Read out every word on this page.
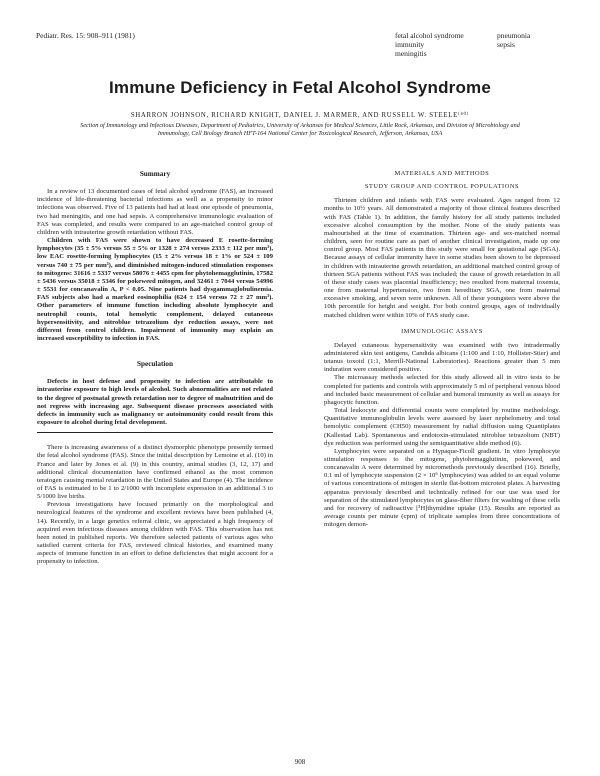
Pediatr. Res. 15: 908–911 (1981)	fetal alcohol syndrome
immunity
meningitis
pneumonia
sepsis
Immune Deficiency in Fetal Alcohol Syndrome
SHARRON JOHNSON, RICHARD KNIGHT, DANIEL J. MARMER, AND RUSSELL W. STEELE⁽⁴⁰⁾
Section of Immunology and Infectious Diseases, Department of Pediatrics, University of Arkansas for Medical Sciences, Little Rock, Arkansas, and Division of Microbiology and Immunology, Cell Biology Branch HFT-164 National Center for Toxicological Research, Jefferson, Arkansas, USA
Summary

In a review of 13 documented cases of fetal alcohol syndrome (FAS), an increased incidence of life-threatening bacterial infections as well as a propensity to minor infections was observed. Five of 13 patients had had at least one episode of pneumonia, two had meningitis, and one had sepsis. A comprehensive immunologic evaluation of FAS was completed, and results were compared to an age-matched control group of children with intrauterine growth retardation without FAS.

Children with FAS were shown to have decreased E rosette-forming lymphocytes (35 ± 5% versus 55 ± 5% or 1328 ± 274 versus 2333 ± 112 per mm³), low EAC rosette-forming lymphocytes (15 ± 2% versus 18 ± 1% or 524 ± 109 versus 740 ± 75 per mm³), and diminished mitogen-induced stimulation responses to mitogens: 31616 ± 5337 versus 58076 ± 4455 cpm for phytohemagglutinin, 17582 ± 5436 versus 35018 ± 5346 for pokeweed mitogen, and 32461 ± 7044 versus 54996 ± 5531 for concanavalin A, P < 0.05. Nine patients had dysgammaglobulinemia. FAS subjects also had a marked eosinophilia (624 ± 154 versus 72 ± 27 mm³). Other parameters of immune function including absolute lymphocyte and neutrophil counts, total hemolytic complement, delayed cutaneous hypersensitivity, and nitroblue tetrazolium dye reduction assays, were not different from control children. Impairment of immunity may explain an increased susceptibility to infection in FAS.

Speculation

Defects in host defense and propensity to infection are attributable to intrauterine exposure to high levels of alcohol. Such abnormalities are not related to the degree of postnatal growth retardation nor to degree of malnutrition and do not regress with increasing age. Subsequent disease processes associated with defects in immunity such as malignancy or autoimmunity could result from this exposure to alcohol during fetal development.

There is increasing awareness of a distinct dysmorphic phenotype presently termed the fetal alcohol syndrome (FAS). Since the initial description by Lemoine et al. (10) in France and later by Jones et al. (9) in this country, animal studies (3, 12, 17) and additional clinical documentation have confirmed ethanol as the most common teratogen causing mental retardation in the United States and Europe (4). The incidence of FAS is estimated to be 1 to 2/1000 with incomplete expression in an additional 3 to 5/1000 live births.

Previous investigations have focused primarily on the morphological and neurological features of the syndrome and excellent reviews have been published (4, 14). Recently, in a large genetics referral clinic, we appreciated a high frequency of acquired even infectious diseases among children with FAS. This observation has not been noted in published reports. We therefore selected patients of various ages who satisfied current criteria for FAS, reviewed clinical histories, and examined many aspects of immune function in an effort to define deficiencies that might account for a propensity to infection.

MATERIALS AND METHODS
STUDY GROUP AND CONTROL POPULATIONS

Thirteen children and infants with FAS were evaluated. Ages ranged from 12 months to 10½ years. All demonstrated a majority of those clinical features described with FAS (Table 1). In addition, the family history for all study patients included excessive alcohol consumption by the mother. None of the study patients was malnourished at the time of examination. Thirteen age- and sex-matched normal children, seen for routine care as part of another clinical investigation, made up one control group. Most FAS patients in this study were small for gestational age (SGA). Because assays of cellular immunity have in some studies been shown to be depressed in children with intrauterine growth retardation, an additional matched control group of thirteen SGA patients without FAS was included; the cause of growth retardation in all of these study cases was placental insufficiency; two resulted from maternal toxemia, one from maternal hypertension, two from hereditary SGA, one from maternal excessive smoking, and seven were unknown. All of these youngsters were above the 10th percentile for height and weight. For both control groups, ages of individually matched children were within 10% of FAS study case.

IMMUNOLOGIC ASSAYS

Delayed cutaneous hypersensitivity was examined with two intradermally administered skin test antigens, Candida albicans (1:100 and 1:10, Hollister-Stier) and tetanus toxoid (1:1, Merrill-National Laboratories). Reactions greater than 5 mm induration were considered positive.

The microassay methods selected for this study allowed all in vitro tests to be completed for patients and controls with approximately 5 ml of peripheral venous blood and included basic measurement of cellular and humoral immunity as well as assays for phagocytic function.

Total leukocyte and differential counts were completed by routine methodology. Quantitative immunoglobulin levels were assessed by laser nephelometry and total hemolytic complement (CH50) measurement by radial diffusion using Quantiplates (Kallestad Lab). Spontaneous and endotoxin-stimulated nitroblue tetrazolium (NBT) dye reduction was performed using the semiquantitative slide method (6).

Lymphocytes were separated on a Hypaque-Ficoll gradient. In vitro lymphocyte stimulation responses to the mitogens, phytohemagglutinin, pokeweed, and concanavalin A were determined by micromethods previously described (16). Briefly, 0.1 ml of lymphocyte suspension (2 × 10⁶ lymphocytes) was added to an equal volume of various concentrations of mitogen in sterile flat-bottom microtest plates. A harvesting apparatus previously described and technically refined for our use was used for separation of the stimulated lymphocytes on glass-fiber filters for washing of these cells and for recovery of radioactive [³H]thymidine uptake (15). Results are reported as average counts per minute (cpm) of triplicate samples from three concentrations of mitogen demon-

908
